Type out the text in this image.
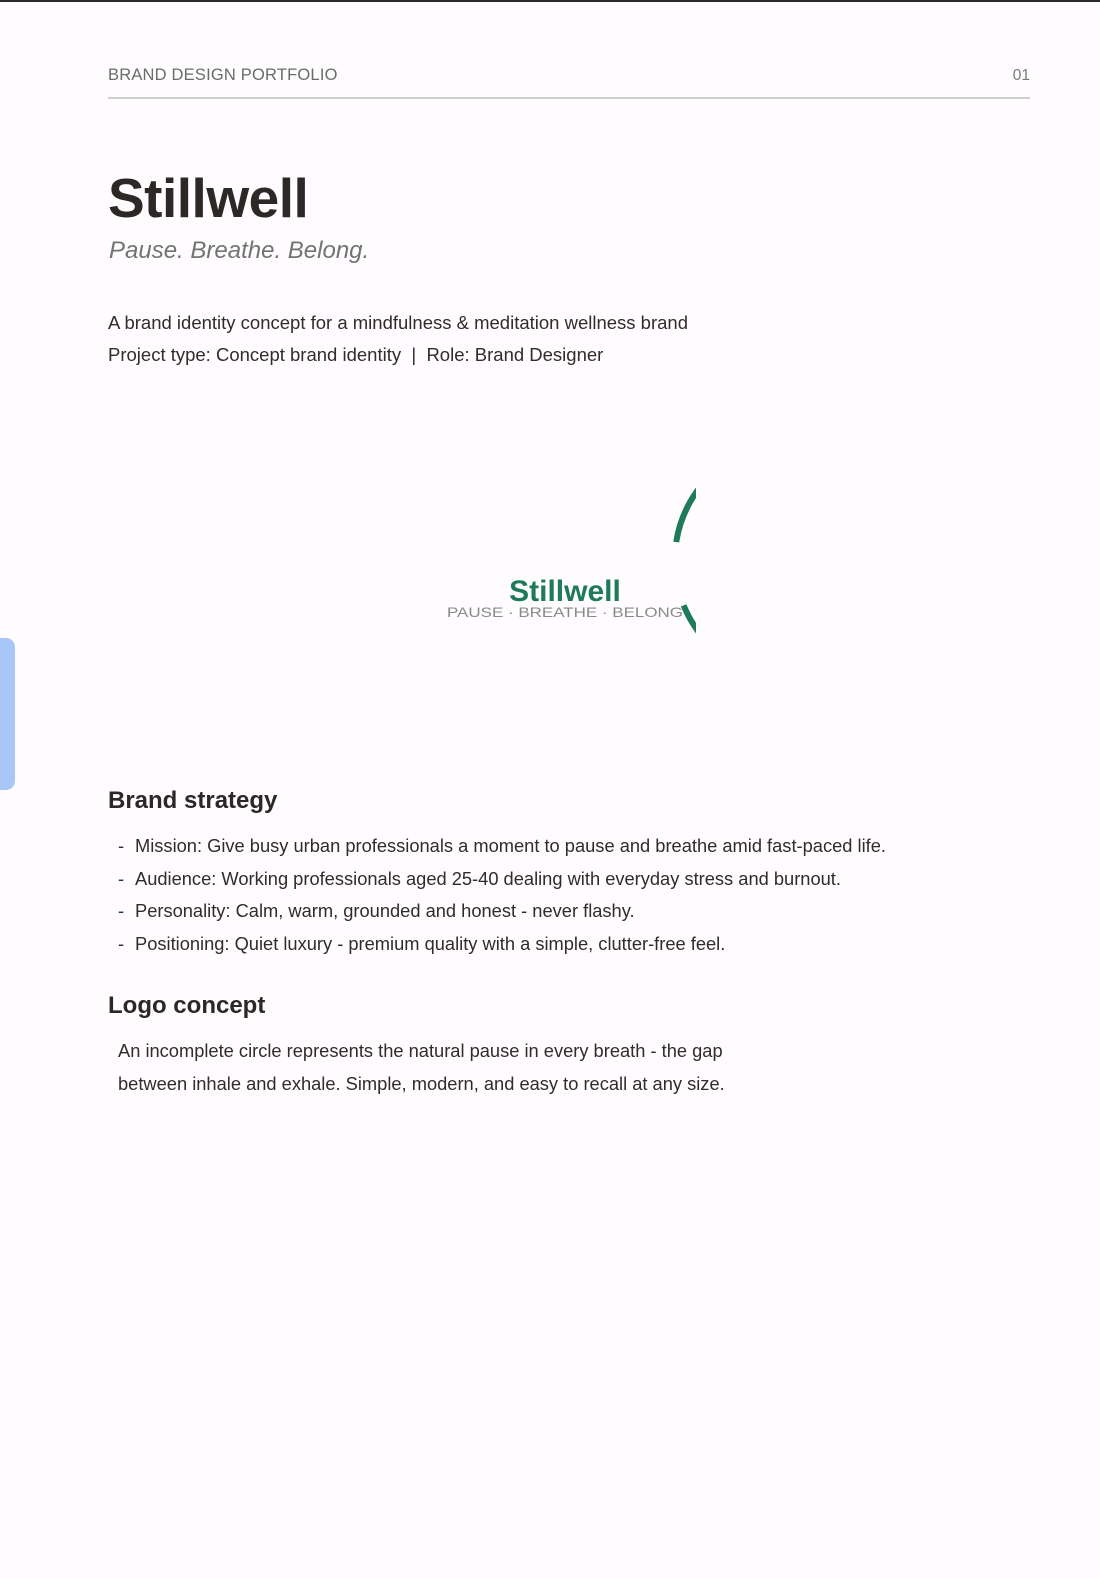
BRAND DESIGN PORTFOLIO	01
Stillwell
Pause. Breathe. Belong.
A brand identity concept for a mindfulness & meditation wellness brand
Project type: Concept brand identity  |  Role: Brand Designer
Stillwell
PAUSE · BREATHE · BELONG
Brand strategy
- Mission: Give busy urban professionals a moment to pause and breathe amid fast-paced life.
- Audience: Working professionals aged 25-40 dealing with everyday stress and burnout.
- Personality: Calm, warm, grounded and honest - never flashy.
- Positioning: Quiet luxury - premium quality with a simple, clutter-free feel.
Logo concept
An incomplete circle represents the natural pause in every breath - the gap
between inhale and exhale. Simple, modern, and easy to recall at any size.
